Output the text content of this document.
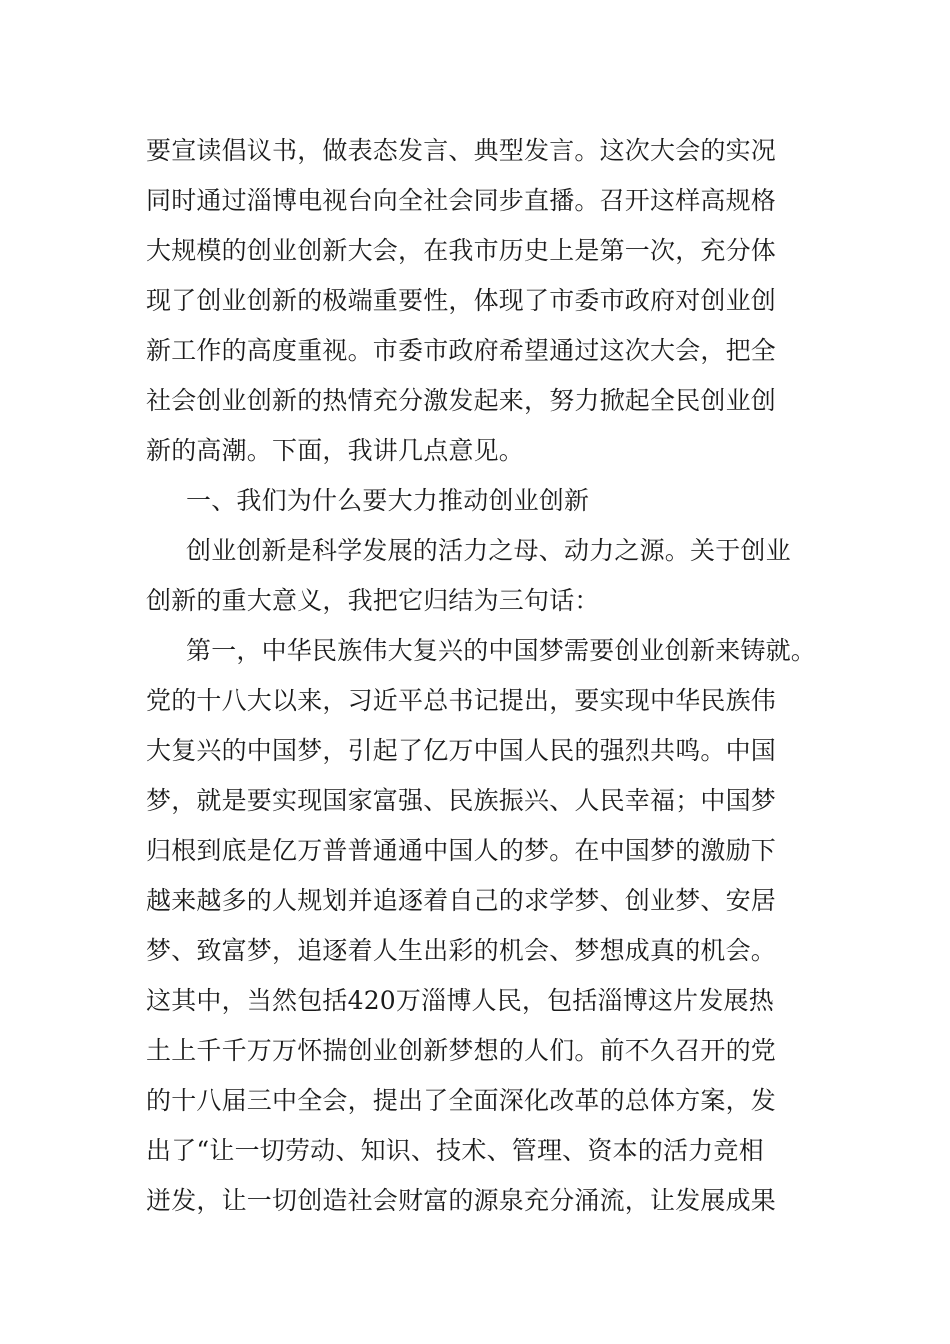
要宣读倡议书，做表态发言、典型发言。这次大会的实况
同时通过淄博电视台向全社会同步直播。召开这样高规格
大规模的创业创新大会，在我市历史上是第一次，充分体
现了创业创新的极端重要性，体现了市委市政府对创业创
新工作的高度重视。市委市政府希望通过这次大会，把全
社会创业创新的热情充分激发起来，努力掀起全民创业创
新的高潮。下面，我讲几点意见。
一、我们为什么要大力推动创业创新
创业创新是科学发展的活力之母、动力之源。关于创业
创新的重大意义，我把它归结为三句话：
第一，中华民族伟大复兴的中国梦需要创业创新来铸就。
党的十八大以来，习近平总书记提出，要实现中华民族伟
大复兴的中国梦，引起了亿万中国人民的强烈共鸣。中国
梦，就是要实现国家富强、民族振兴、人民幸福；中国梦
归根到底是亿万普普通通中国人的梦。在中国梦的激励下
越来越多的人规划并追逐着自己的求学梦、创业梦、安居
梦、致富梦，追逐着人生出彩的机会、梦想成真的机会。
这其中，当然包括420万淄博人民，包括淄博这片发展热
土上千千万万怀揣创业创新梦想的人们。前不久召开的党
的十八届三中全会，提出了全面深化改革的总体方案，发
出了“让一切劳动、知识、技术、管理、资本的活力竞相
迸发，让一切创造社会财富的源泉充分涌流，让发展成果
